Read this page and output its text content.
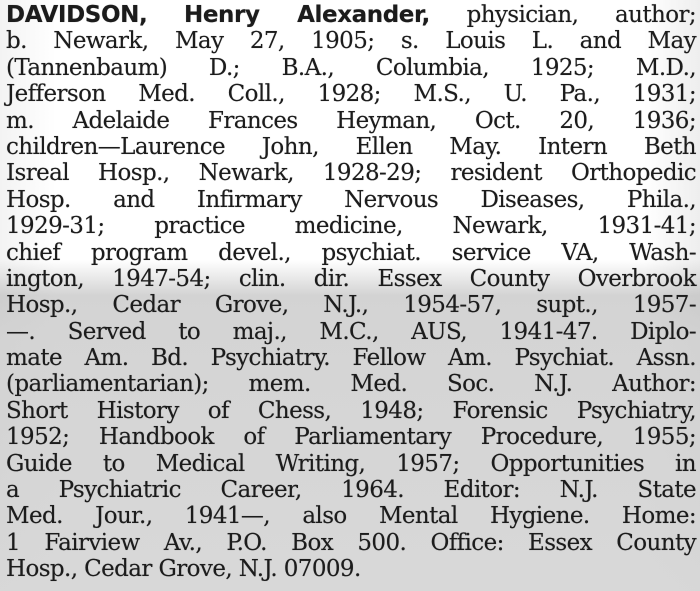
DAVIDSON, Henry Alexander, physician, author;
b. Newark, May 27, 1905; s. Louis L. and May
(Tannenbaum) D.; B.A., Columbia, 1925; M.D.,
Jefferson Med. Coll., 1928; M.S., U. Pa., 1931;
m. Adelaide Frances Heyman, Oct. 20, 1936;
children—Laurence John, Ellen May. Intern Beth
Isreal Hosp., Newark, 1928-29; resident Orthopedic
Hosp. and Infirmary Nervous Diseases, Phila.,
1929-31; practice medicine, Newark, 1931-41;
chief program devel., psychiat. service VA, Wash-
ington, 1947-54; clin. dir. Essex County Overbrook
Hosp., Cedar Grove, N.J., 1954-57, supt., 1957-
—. Served to maj., M.C., AUS, 1941-47. Diplo-
mate Am. Bd. Psychiatry. Fellow Am. Psychiat. Assn.
(parliamentarian); mem. Med. Soc. N.J. Author:
Short History of Chess, 1948; Forensic Psychiatry,
1952; Handbook of Parliamentary Procedure, 1955;
Guide to Medical Writing, 1957; Opportunities in
a Psychiatric Career, 1964. Editor: N.J. State
Med. Jour., 1941—, also Mental Hygiene. Home:
1 Fairview Av., P.O. Box 500. Office: Essex County
Hosp., Cedar Grove, N.J. 07009.
